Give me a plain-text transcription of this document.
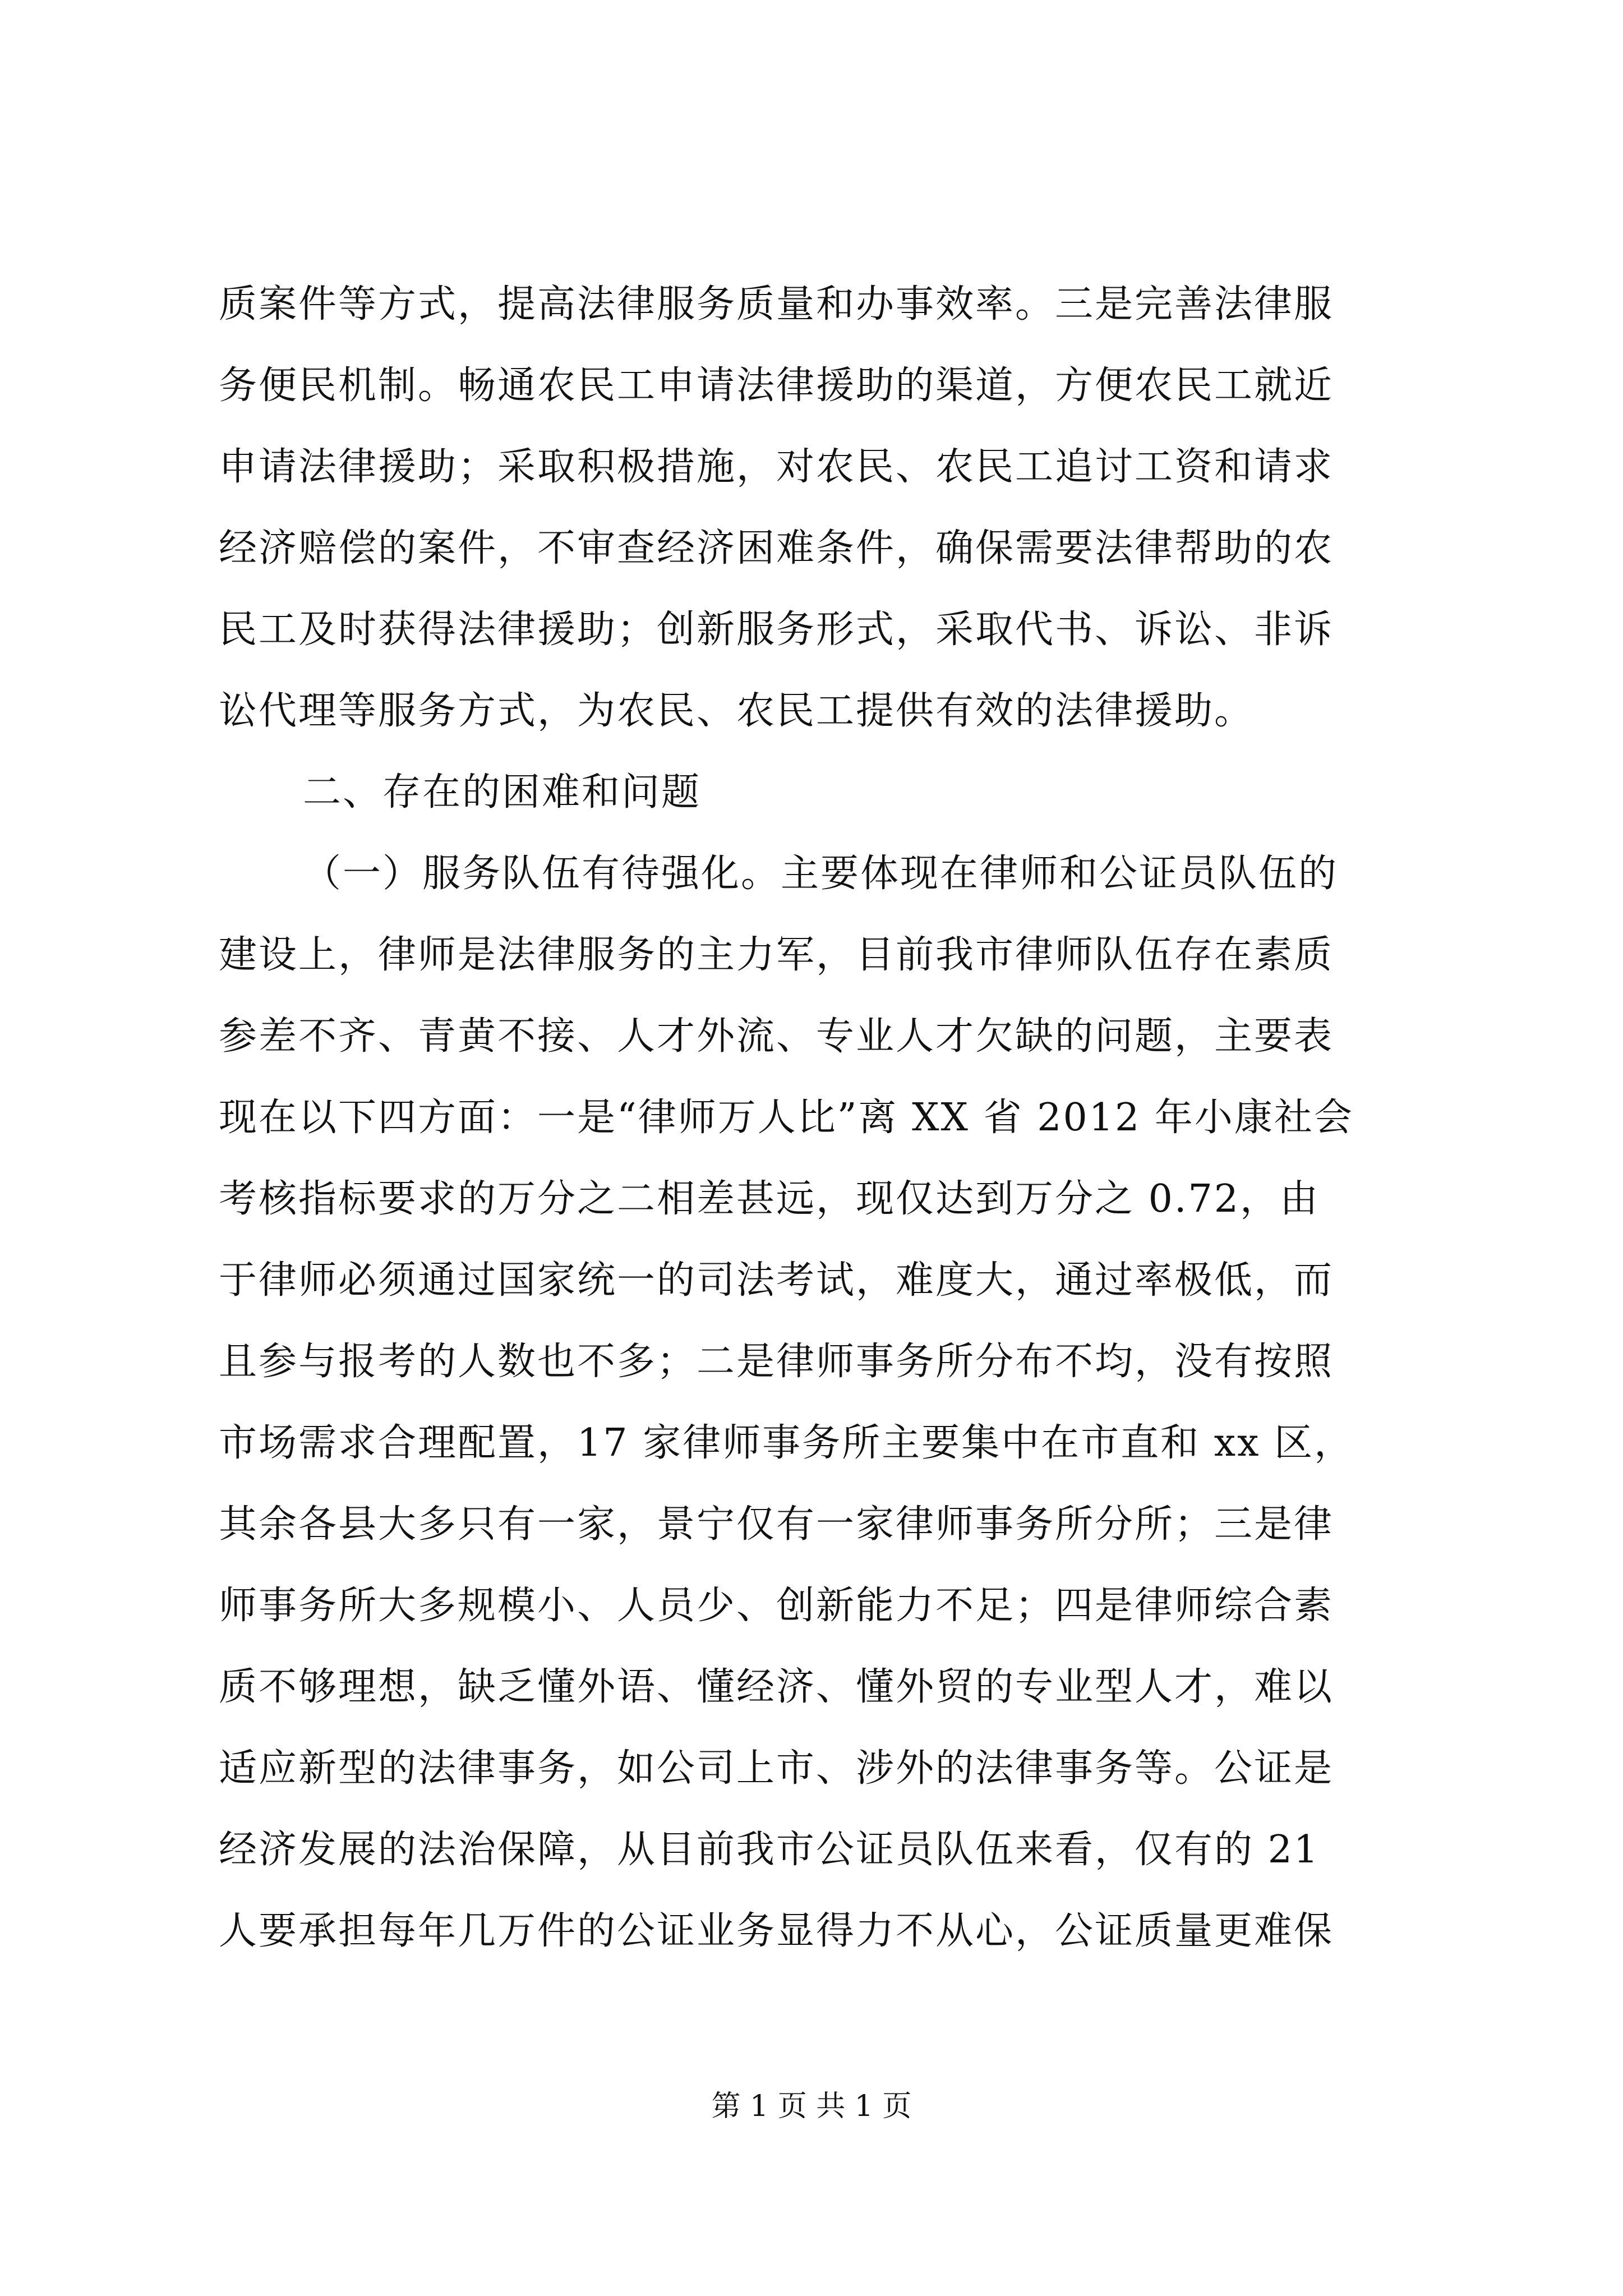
质案件等方式，提高法律服务质量和办事效率。三是完善法律服
务便民机制。畅通农民工申请法律援助的渠道，方便农民工就近
申请法律援助；采取积极措施，对农民、农民工追讨工资和请求
经济赔偿的案件，不审查经济困难条件，确保需要法律帮助的农
民工及时获得法律援助；创新服务形式，采取代书、诉讼、非诉
讼代理等服务方式，为农民、农民工提供有效的法律援助。
二、存在的困难和问题
（一）服务队伍有待强化。主要体现在律师和公证员队伍的
建设上，律师是法律服务的主力军，目前我市律师队伍存在素质
参差不齐、青黄不接、人才外流、专业人才欠缺的问题，主要表
现在以下四方面：一是“律师万人比”离 XX 省 2012 年小康社会
考核指标要求的万分之二相差甚远，现仅达到万分之 0.72，由
于律师必须通过国家统一的司法考试，难度大，通过率极低，而
且参与报考的人数也不多；二是律师事务所分布不均，没有按照
市场需求合理配置，17 家律师事务所主要集中在市直和 xx 区，
其余各县大多只有一家，景宁仅有一家律师事务所分所；三是律
师事务所大多规模小、人员少、创新能力不足；四是律师综合素
质不够理想，缺乏懂外语、懂经济、懂外贸的专业型人才，难以
适应新型的法律事务，如公司上市、涉外的法律事务等。公证是
经济发展的法治保障，从目前我市公证员队伍来看，仅有的 21
人要承担每年几万件的公证业务显得力不从心，公证质量更难保
第 1 页 共 1 页
